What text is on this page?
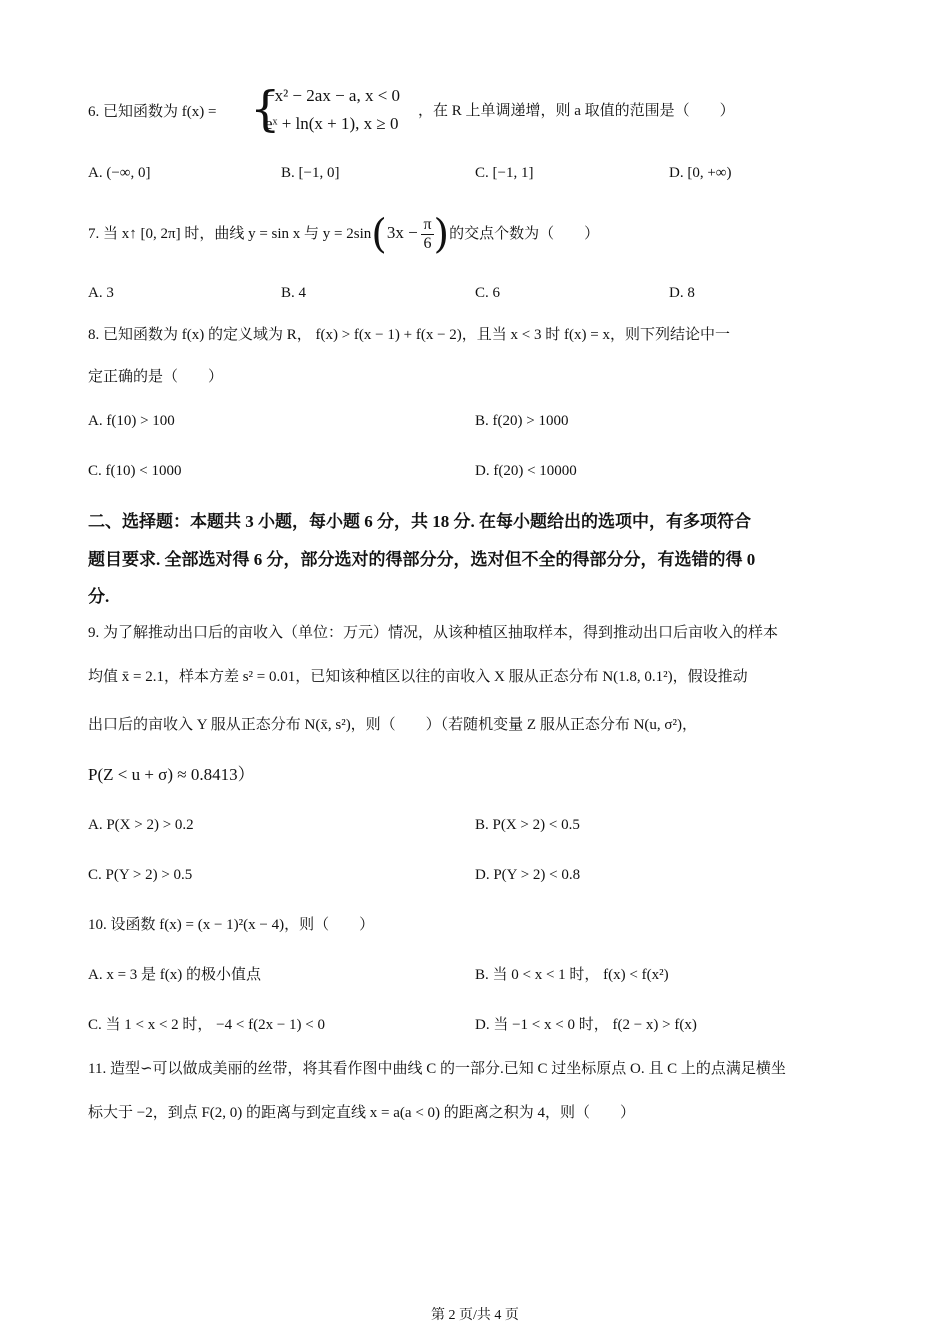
6. 已知函数为 f(x) = {
−x² − 2ax − a, x < 0
eˣ + ln(x + 1), x ≥ 0
，在 R 上单调递增，则 a 取值的范围是（　　）
A. (−∞, 0]	B. [−1, 0]	C. [−1, 1]	D. [0, +∞)
7. 当 x↑ [0, 2π] 时，曲线 y = sin x 与 $y = 2\sin(3x - \frac{\pi}{6}$ )的交点个数为（　　）
A. 3	B. 4	C. 6	D. 8
8. 已知函数为 f(x) 的定义域为 R， f(x) > f(x − 1) + f(x − 2)，且当 x < 3 时 f(x) = x，则下列结论中一
定正确的是（　　）
A. f(10) > 100	B. f(20) > 1000
C. f(10) < 1000	D. f(20) < 10000
二、选择题：本题共 3 小题，每小题 6 分，共 18 分. 在每小题给出的选项中，有多项符合
题目要求. 全部选对得 6 分，部分选对的得部分分，选对但不全的得部分分，有选错的得 0
分.
9. 为了解推动出口后的亩收入（单位：万元）情况，从该种植区抽取样本，得到推动出口后亩收入的样本
均值 x̄ = 2.1，样本方差 s² = 0.01，已知该种植区以往的亩收入 X 服从正态分布 N(1.8, 0.1²)，假设推动
出口后的亩收入 Y 服从正态分布 N(x̄, s²)，则（　　）（若随机变量 Z 服从正态分布 N(u, σ²)，
P(Z < u + σ) ≈ 0.8413）
A. P(X > 2) > 0.2	B. P(X > 2) < 0.5
C. P(Y > 2) > 0.5	D. P(Y > 2) < 0.8
10. 设函数 f(x) = (x − 1)²(x − 4)，则（　　）
A. x = 3 是 f(x) 的极小值点	B. 当 0 < x < 1 时， f(x) < f(x²)
C. 当 1 < x < 2 时， −4 < f(2x − 1) < 0	D. 当 −1 < x < 0 时， f(2 − x) > f(x)
11. 造型∽可以做成美丽的丝带，将其看作图中曲线 C 的一部分.已知 C 过坐标原点 O. 且 C 上的点满足横坐
标大于 −2，到点 F(2, 0) 的距离与到定直线 x = a(a < 0) 的距离之积为 4，则（　　）
第 2 页/共 4 页
